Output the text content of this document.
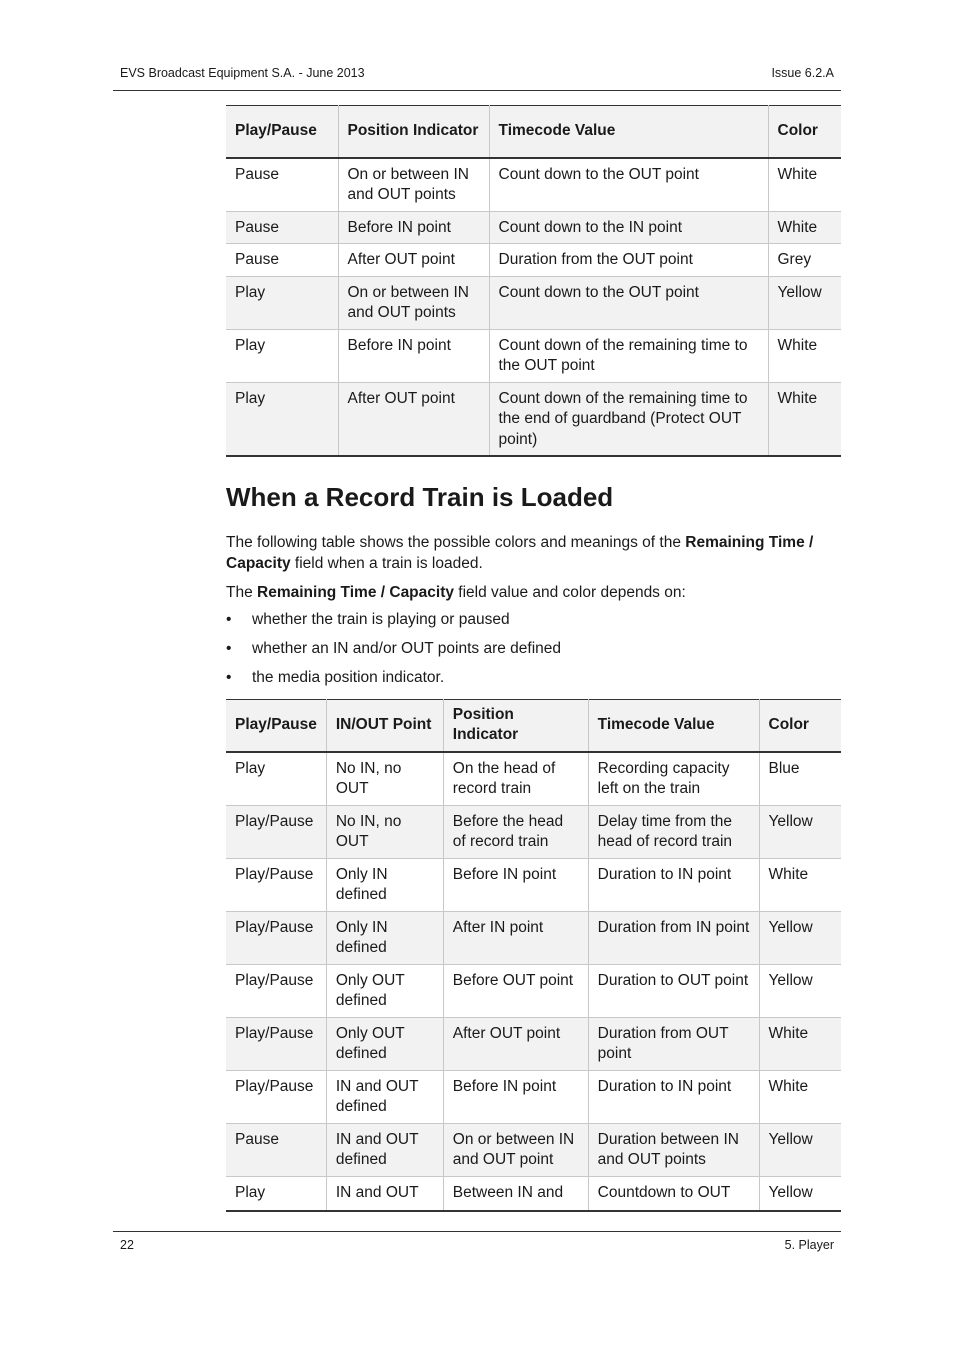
EVS Broadcast Equipment S.A. - June 2013	Issue 6.2.A
Play/Pause	Position Indicator	Timecode Value	Color
Pause	On or between IN and OUT points	Count down to the OUT point	White
Pause	Before IN point	Count down to the IN point	White
Pause	After OUT point	Duration from the OUT point	Grey
Play	On or between IN and OUT points	Count down to the OUT point	Yellow
Play	Before IN point	Count down of the remaining time to the OUT point	White
Play	After OUT point	Count down of the remaining time to the end of guardband (Protect OUT point)	White
When a Record Train is Loaded

The following table shows the possible colors and meanings of the Remaining Time / Capacity field when a train is loaded.

The Remaining Time / Capacity field value and color depends on:

• whether the train is playing or paused
• whether an IN and/or OUT points are defined
• the media position indicator.
Play/Pause	IN/OUT Point	Position Indicator	Timecode Value	Color
Play	No IN, no OUT	On the head of record train	Recording capacity left on the train	Blue
Play/Pause	No IN, no OUT	Before the head of record train	Delay time from the head of record train	Yellow
Play/Pause	Only IN defined	Before IN point	Duration to IN point	White
Play/Pause	Only IN defined	After IN point	Duration from IN point	Yellow
Play/Pause	Only OUT defined	Before OUT point	Duration to OUT point	Yellow
Play/Pause	Only OUT defined	After OUT point	Duration from OUT point	White
Play/Pause	IN and OUT defined	Before IN point	Duration to IN point	White
Pause	IN and OUT defined	On or between IN and OUT point	Duration between IN and OUT points	Yellow
Play	IN and OUT	Between IN and	Countdown to OUT	Yellow
22	5. Player
